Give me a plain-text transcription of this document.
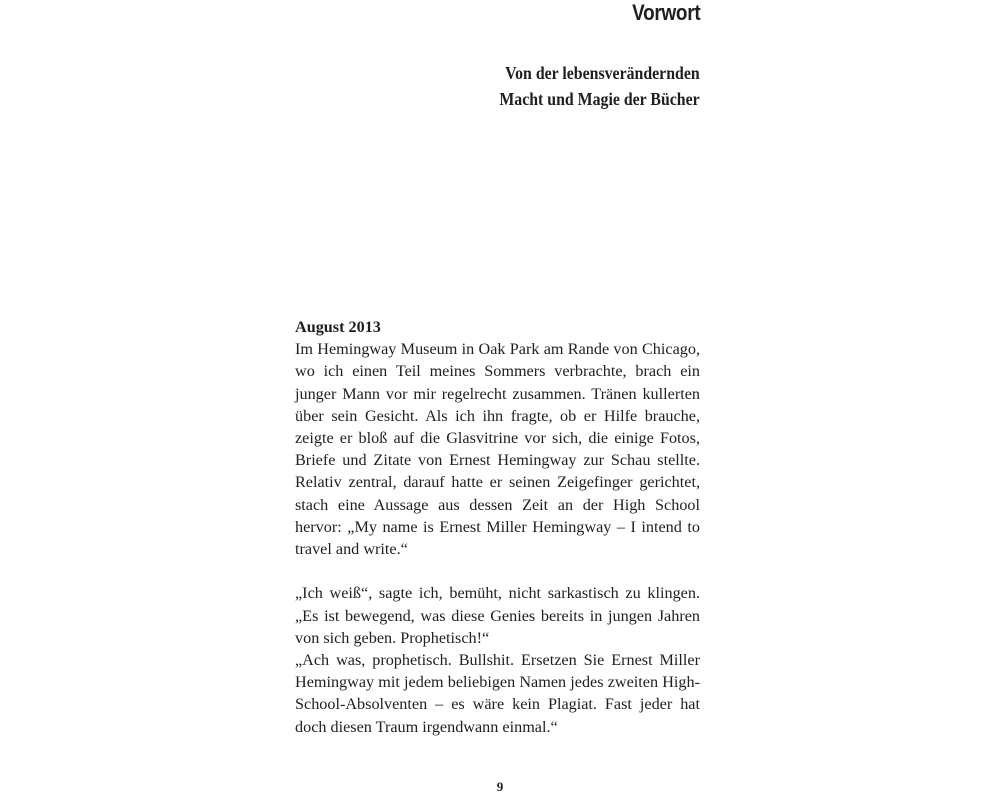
Vorwort
Von der lebensverändernden
Macht und Magie der Bücher
August 2013

Im Hemingway Museum in Oak Park am Rande von Chicago, wo ich einen Teil meines Sommers verbrachte, brach ein junger Mann vor mir regelrecht zusammen. Tränen kullerten über sein Gesicht. Als ich ihn fragte, ob er Hilfe brauche, zeigte er bloß auf die Glasvitrine vor sich, die einige Fotos, Briefe und Zitate von Ernest Hemingway zur Schau stellte. Relativ zentral, darauf hatte er seinen Zeigefinger gerichtet, stach eine Aussage aus dessen Zeit an der High School hervor: „My name is Ernest Miller Hemingway – I intend to travel and write.“

„Ich weiß“, sagte ich, bemüht, nicht sarkastisch zu klingen. „Es ist bewegend, was diese Genies bereits in jungen Jahren von sich geben. Prophetisch!“

„Ach was, prophetisch. Bullshit. Ersetzen Sie Ernest Miller Hemingway mit jedem beliebigen Namen jedes zweiten High-School-Absolventen – es wäre kein Plagiat. Fast jeder hat doch diesen Traum irgendwann einmal.“

9
